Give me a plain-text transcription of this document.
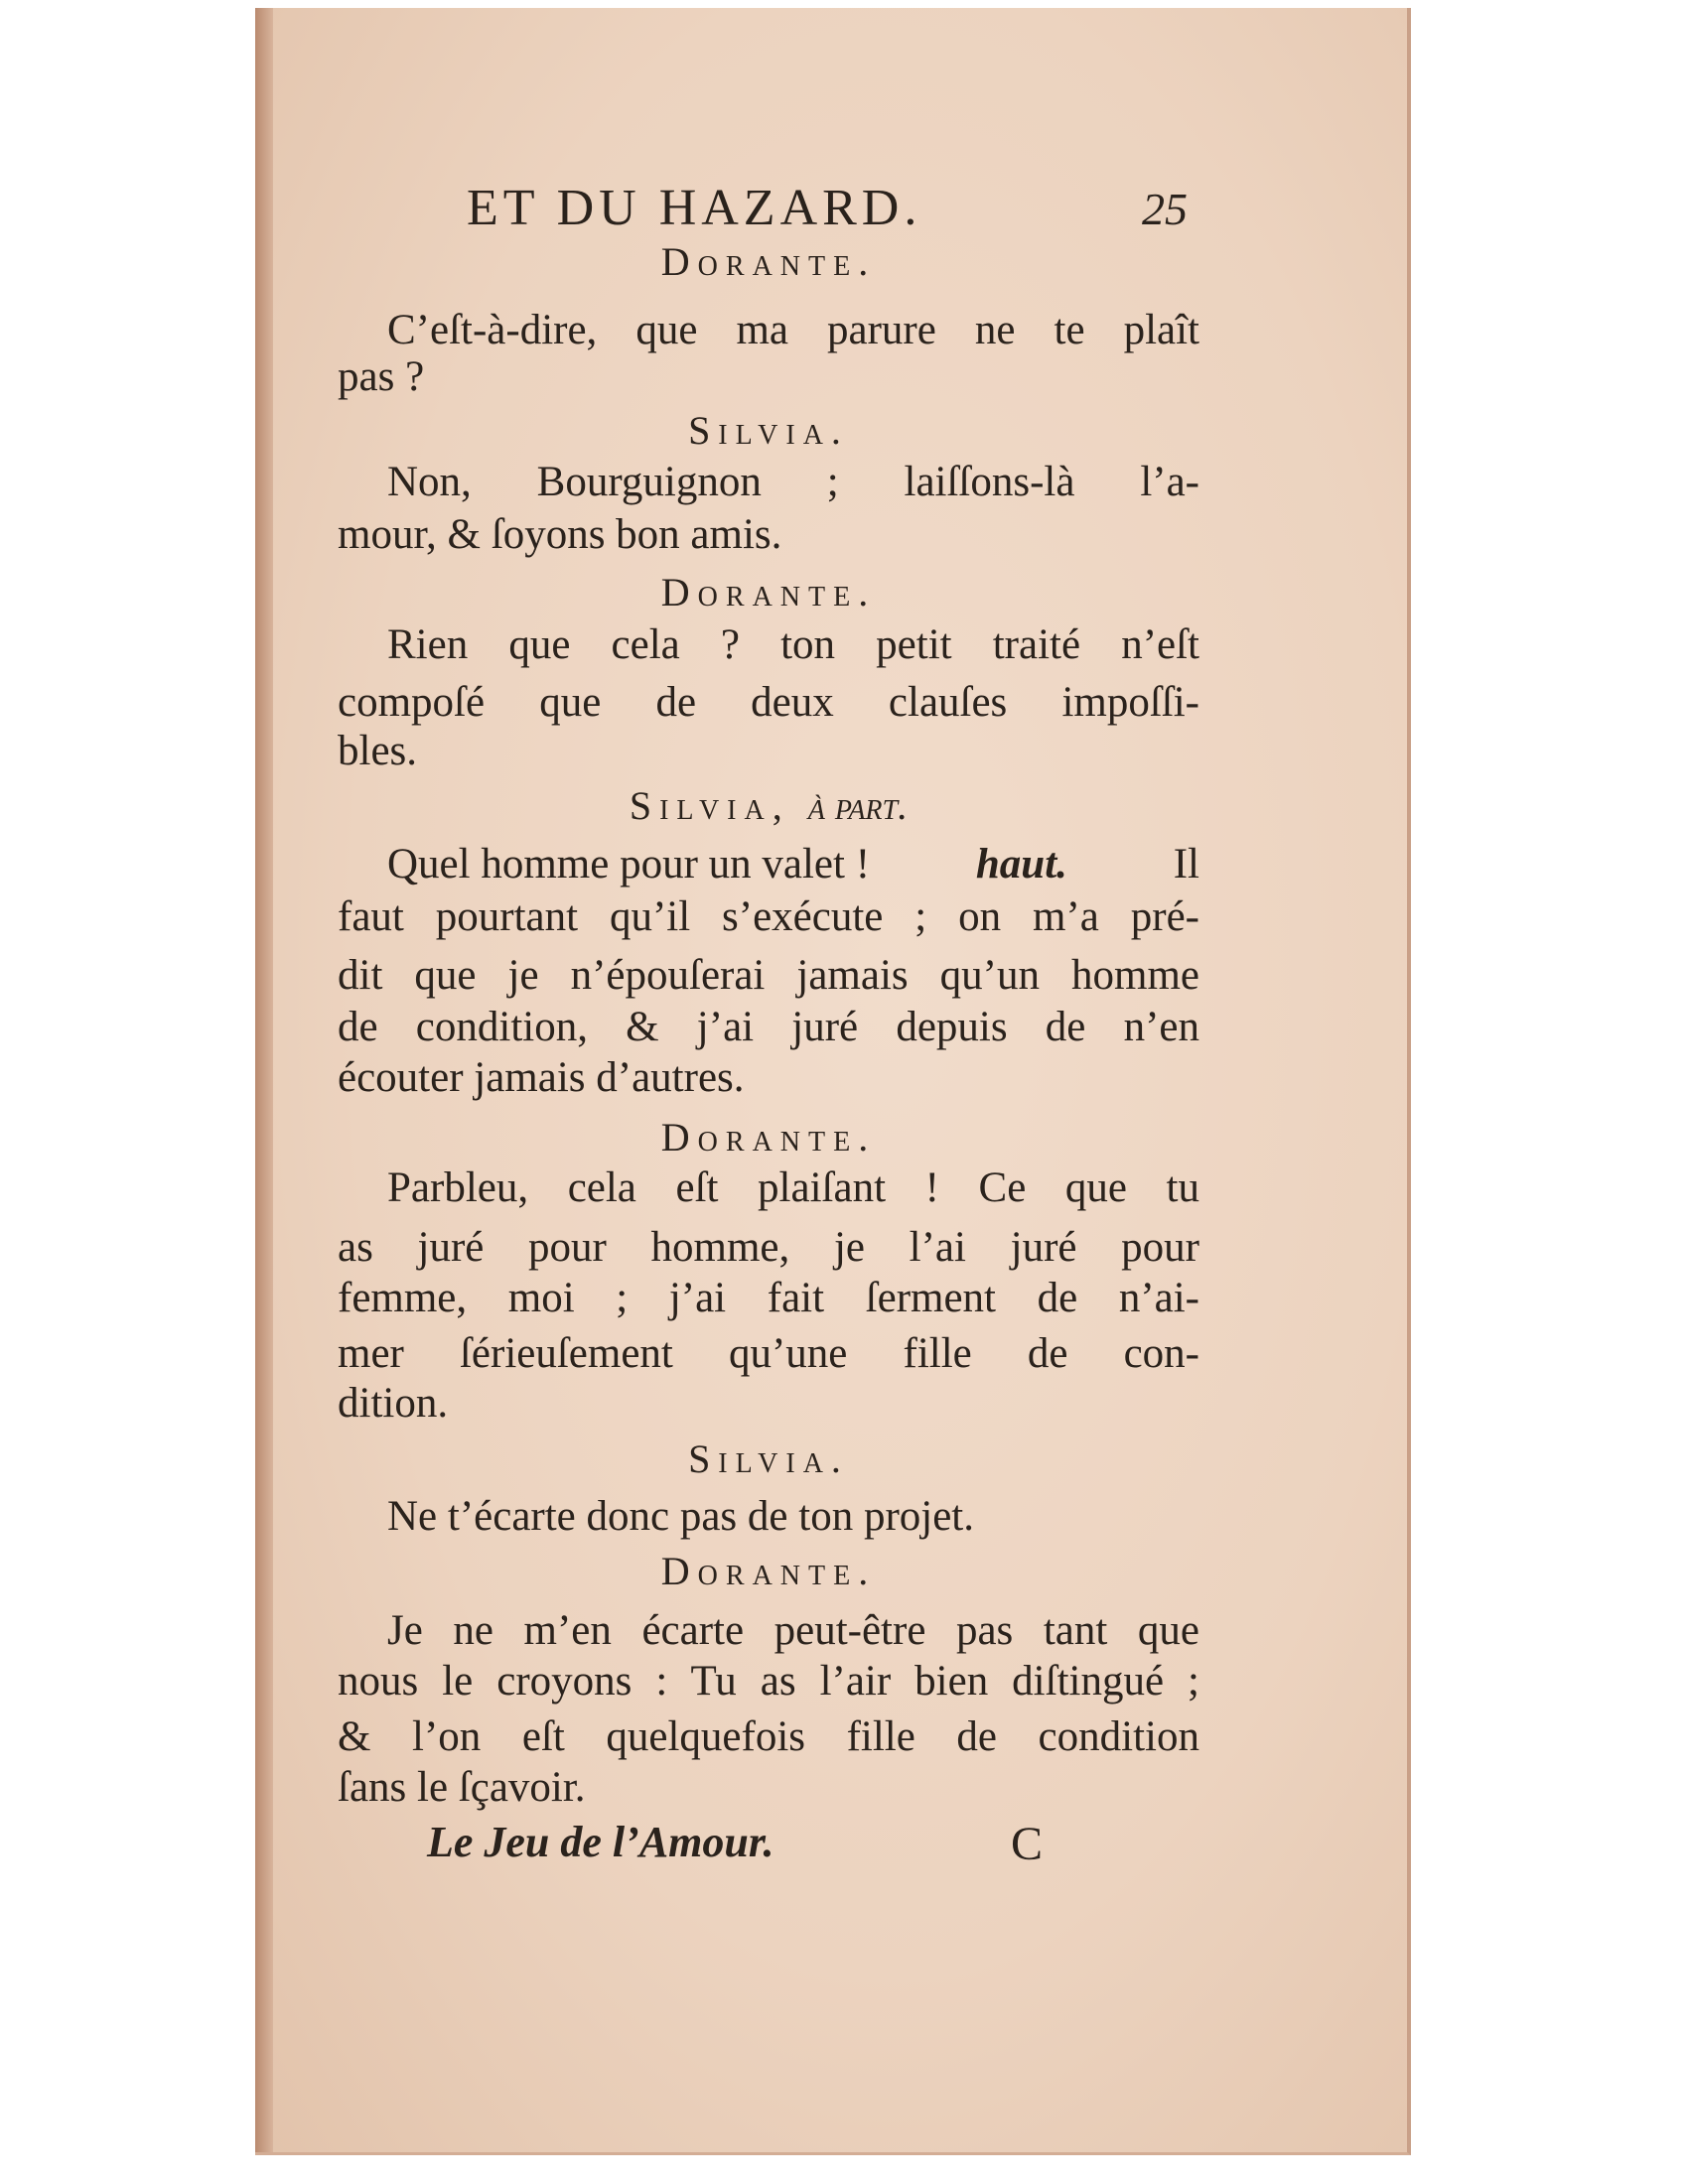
ET DU HAZARD.	25
Dorante.
C’eſt-à-dire, que ma parure ne te plaît
pas ?
Silvia.
Non, Bourguignon ; laiſſons-là l’a-
mour, & ſoyons bon amis.
Dorante.
Rien que cela ? ton petit traité n’eſt
compoſé que de deux clauſes impoſſi-
bles.
Silvia, à part.
Quel homme pour un valet ! haut. Il
faut pourtant qu’il s’exécute ; on m’a pré-
dit que je n’épouſerai jamais qu’un homme
de condition, & j’ai juré depuis de n’en
écouter jamais d’autres.
Dorante.
Parbleu, cela eſt plaiſant ! Ce que tu
as juré pour homme, je l’ai juré pour
femme, moi ; j’ai fait ſerment de n’ai-
mer ſérieuſement qu’une fille de con-
dition.
Silvia.
Ne t’écarte donc pas de ton projet.
Dorante.
Je ne m’en écarte peut-être pas tant que
nous le croyons : Tu as l’air bien diſtingué ;
& l’on eſt quelquefois fille de condition
ſans le ſçavoir.
Le Jeu de l’Amour.	C
